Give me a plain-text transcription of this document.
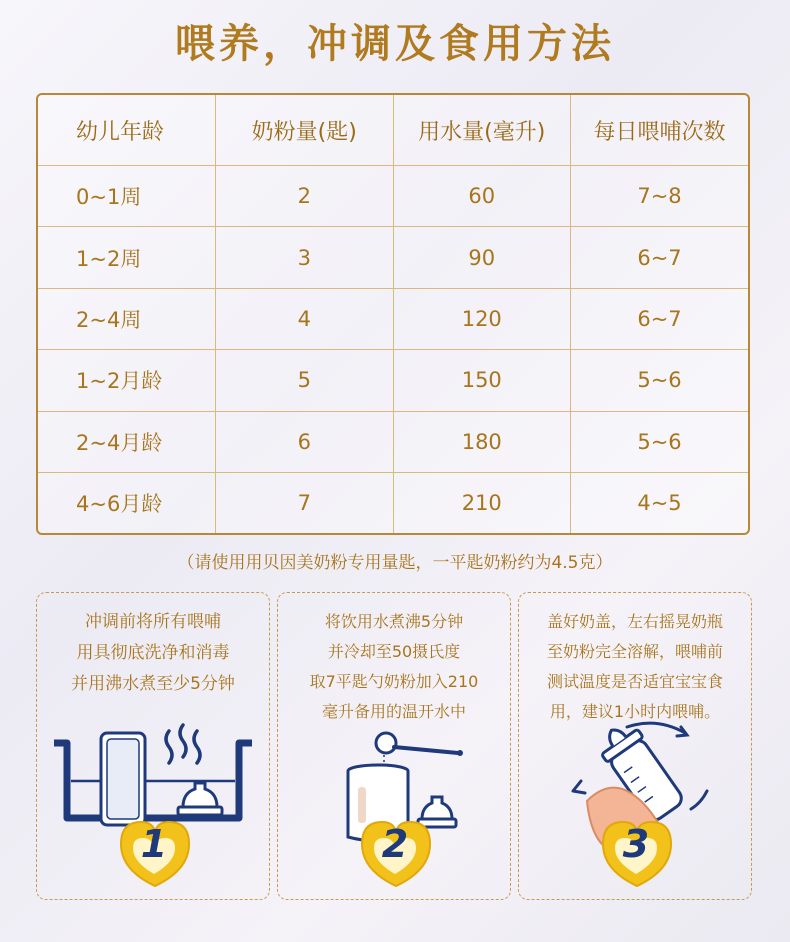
喂养，冲调及食用方法
幼儿年龄	奶粉量(匙)	用水量(毫升)	每日喂哺次数
0~1周	2	60	7~8
1~2周	3	90	6~7
2~4周	4	120	6~7
1~2月龄	5	150	5~6
2~4月龄	6	180	5~6
4~6月龄	7	210	4~5
（请使用用贝因美奶粉专用量匙，一平匙奶粉约为4.5克）
冲调前将所有喂哺
用具彻底洗净和消毒
并用沸水煮至少5分钟
1
将饮用水煮沸5分钟
并冷却至50摄氏度
取7平匙勺奶粉加入210
毫升备用的温开水中
2
盖好奶盖，左右摇晃奶瓶
至奶粉完全溶解，喂哺前
测试温度是否适宜宝宝食
用，建议1小时内喂哺。
3
